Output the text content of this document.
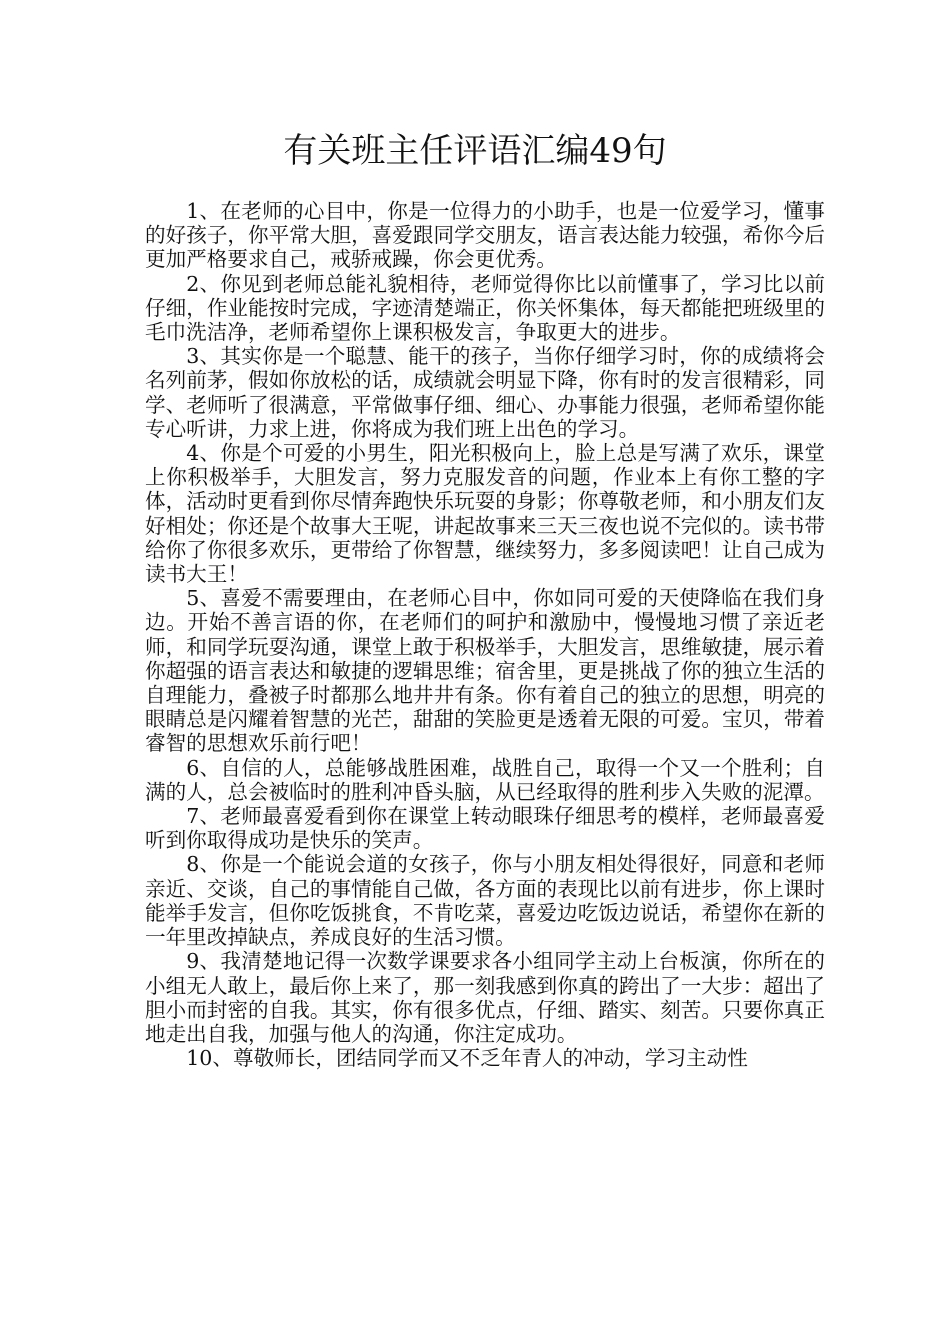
有关班主任评语汇编49句

1、在老师的心目中，你是一位得力的小助手，也是一位爱学习，懂事的好孩子，你平常大胆，喜爱跟同学交朋友，语言表达能力较强，希你今后更加严格要求自己，戒骄戒躁，你会更优秀。

2、你见到老师总能礼貌相待，老师觉得你比以前懂事了，学习比以前仔细，作业能按时完成，字迹清楚端正，你关怀集体，每天都能把班级里的毛巾洗洁净，老师希望你上课积极发言，争取更大的进步。

3、其实你是一个聪慧、能干的孩子，当你仔细学习时，你的成绩将会名列前茅，假如你放松的话，成绩就会明显下降，你有时的发言很精彩，同学、老师听了很满意，平常做事仔细、细心、办事能力很强，老师希望你能专心听讲，力求上进，你将成为我们班上出色的学习。

4、你是个可爱的小男生，阳光积极向上，脸上总是写满了欢乐，课堂上你积极举手，大胆发言，努力克服发音的问题，作业本上有你工整的字体，活动时更看到你尽情奔跑快乐玩耍的身影；你尊敬老师，和小朋友们友好相处；你还是个故事大王呢，讲起故事来三天三夜也说不完似的。读书带给你了你很多欢乐，更带给了你智慧，继续努力，多多阅读吧！让自己成为读书大王！

5、喜爱不需要理由，在老师心目中，你如同可爱的天使降临在我们身边。开始不善言语的你，在老师们的呵护和激励中，慢慢地习惯了亲近老师，和同学玩耍沟通，课堂上敢于积极举手，大胆发言，思维敏捷，展示着你超强的语言表达和敏捷的逻辑思维；宿舍里，更是挑战了你的独立生活的自理能力，叠被子时都那么地井井有条。你有着自己的独立的思想，明亮的眼睛总是闪耀着智慧的光芒，甜甜的笑脸更是透着无限的可爱。宝贝，带着睿智的思想欢乐前行吧！

6、自信的人，总能够战胜困难，战胜自己，取得一个又一个胜利；自满的人，总会被临时的胜利冲昏头脑，从已经取得的胜利步入失败的泥潭。

7、老师最喜爱看到你在课堂上转动眼珠仔细思考的模样，老师最喜爱听到你取得成功是快乐的笑声。

8、你是一个能说会道的女孩子，你与小朋友相处得很好，同意和老师亲近、交谈，自己的事情能自己做，各方面的表现比以前有进步，你上课时能举手发言，但你吃饭挑食，不肯吃菜，喜爱边吃饭边说话，希望你在新的一年里改掉缺点，养成良好的生活习惯。

9、我清楚地记得一次数学课要求各小组同学主动上台板演，你所在的小组无人敢上，最后你上来了，那一刻我感到你真的跨出了一大步：超出了胆小而封密的自我。其实，你有很多优点，仔细、踏实、刻苦。只要你真正地走出自我，加强与他人的沟通，你注定成功。

10、尊敬师长，团结同学而又不乏年青人的冲动，学习主动性
